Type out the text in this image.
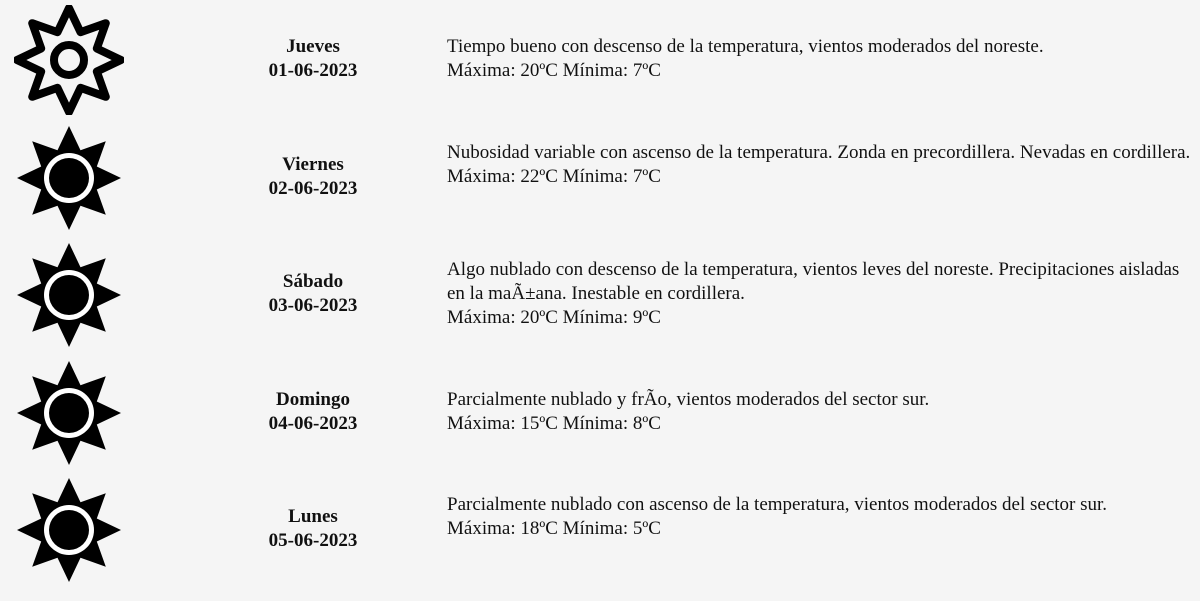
Jueves
01-06-2023
Tiempo bueno con descenso de la temperatura, vientos moderados del noreste.
Máxima: 20ºC Mínima: 7ºC
Viernes
02-06-2023
Nubosidad variable con ascenso de la temperatura. Zonda en precordillera. Nevadas en cordillera.
Máxima: 22ºC Mínima: 7ºC
Sábado
03-06-2023
Algo nublado con descenso de la temperatura, vientos leves del noreste. Precipitaciones aisladas en la maÃ±ana. Inestable en cordillera.
Máxima: 20ºC Mínima: 9ºC
Domingo
04-06-2023
Parcialmente nublado y frÃo, vientos moderados del sector sur.
Máxima: 15ºC Mínima: 8ºC
Lunes
05-06-2023
Parcialmente nublado con ascenso de la temperatura, vientos moderados del sector sur.
Máxima: 18ºC Mínima: 5ºC
